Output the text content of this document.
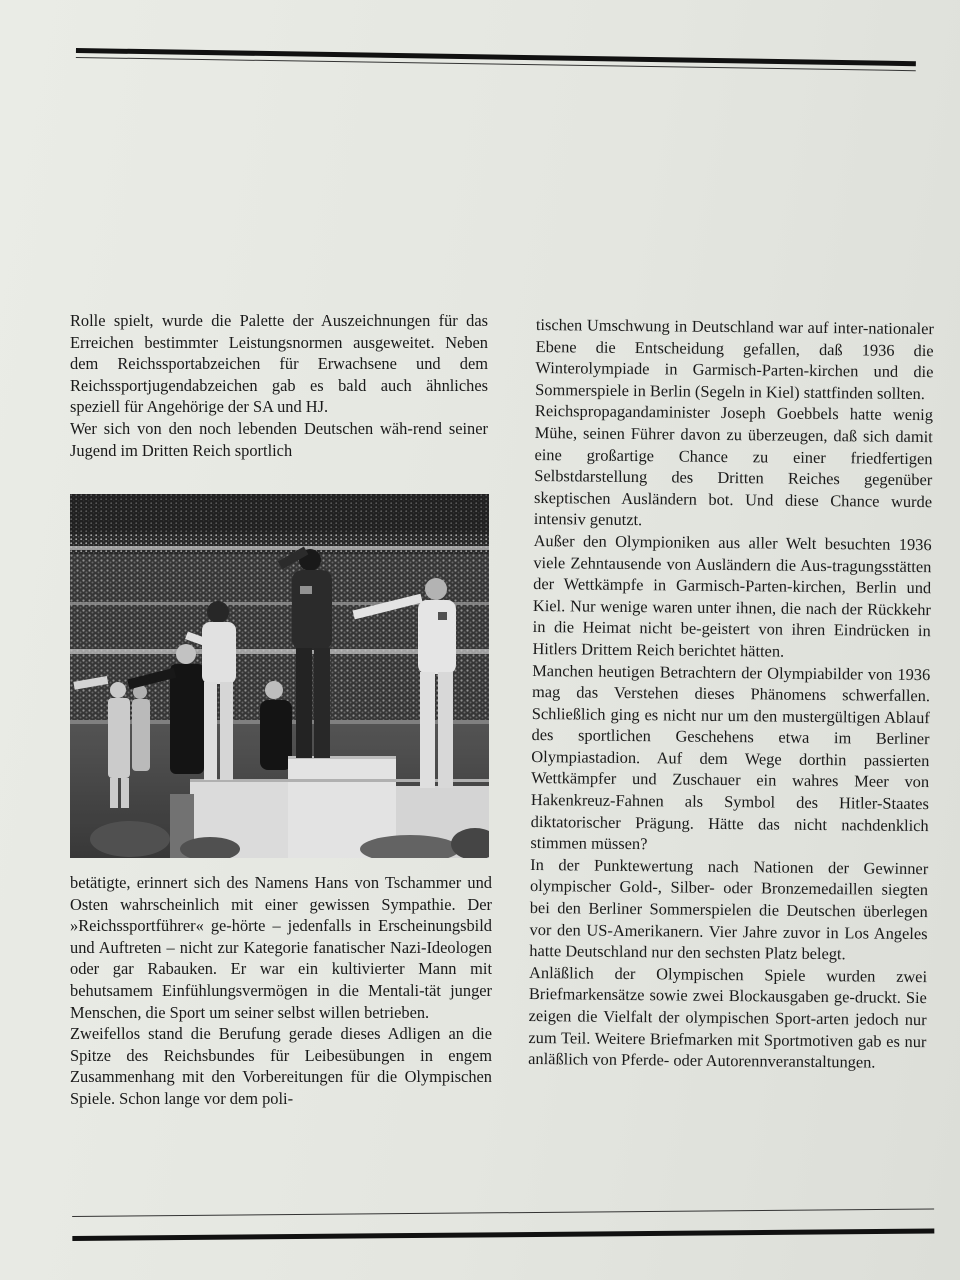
Rolle spielt, wurde die Palette der Auszeichnungen für das Erreichen bestimmter Leistungsnormen ausgeweitet. Neben dem Reichssportabzeichen für Erwachsene und dem Reichssportjugendabzeichen gab es bald auch ähnliches speziell für Angehörige der SA und HJ.

Wer sich von den noch lebenden Deutschen wäh-rend seiner Jugend im Dritten Reich sportlich

betätigte, erinnert sich des Namens Hans von Tschammer und Osten wahrscheinlich mit einer gewissen Sympathie. Der »Reichssportführer« ge-hörte – jedenfalls in Erscheinungsbild und Auftreten – nicht zur Kategorie fanatischer Nazi-Ideologen oder gar Rabauken. Er war ein kultivierter Mann mit behutsamem Einfühlungsvermögen in die Mentali-tät junger Menschen, die Sport um seiner selbst willen betrieben.

Zweifellos stand die Berufung gerade dieses Adligen an die Spitze des Reichsbundes für Leibesübungen in engem Zusammenhang mit den Vorbereitungen für die Olympischen Spiele. Schon lange vor dem poli-

tischen Umschwung in Deutschland war auf inter-nationaler Ebene die Entscheidung gefallen, daß 1936 die Winterolympiade in Garmisch-Parten-kirchen und die Sommerspiele in Berlin (Segeln in Kiel) stattfinden sollten.

Reichspropagandaminister Joseph Goebbels hatte wenig Mühe, seinen Führer davon zu überzeugen, daß sich damit eine großartige Chance zu einer friedfertigen Selbstdarstellung des Dritten Reiches gegenüber skeptischen Ausländern bot. Und diese Chance wurde intensiv genutzt.

Außer den Olympioniken aus aller Welt besuchten 1936 viele Zehntausende von Ausländern die Aus-tragungsstätten der Wettkämpfe in Garmisch-Parten-kirchen, Berlin und Kiel. Nur wenige waren unter ihnen, die nach der Rückkehr in die Heimat nicht be-geistert von ihren Eindrücken in Hitlers Drittem Reich berichtet hätten.

Manchen heutigen Betrachtern der Olympiabilder von 1936 mag das Verstehen dieses Phänomens schwerfallen. Schließlich ging es nicht nur um den mustergültigen Ablauf des sportlichen Geschehens etwa im Berliner Olympiastadion. Auf dem Wege dorthin passierten Wettkämpfer und Zuschauer ein wahres Meer von Hakenkreuz-Fahnen als Symbol des Hitler-Staates diktatorischer Prägung. Hätte das nicht nachdenklich stimmen müssen?

In der Punktewertung nach Nationen der Gewinner olympischer Gold-, Silber- oder Bronzemedaillen siegten bei den Berliner Sommerspielen die Deutschen überlegen vor den US-Amerikanern. Vier Jahre zuvor in Los Angeles hatte Deutschland nur den sechsten Platz belegt.

Anläßlich der Olympischen Spiele wurden zwei Briefmarkensätze sowie zwei Blockausgaben ge-druckt. Sie zeigen die Vielfalt der olympischen Sport-arten jedoch nur zum Teil. Weitere Briefmarken mit Sportmotiven gab es nur anläßlich von Pferde- oder Autorennveranstaltungen.
